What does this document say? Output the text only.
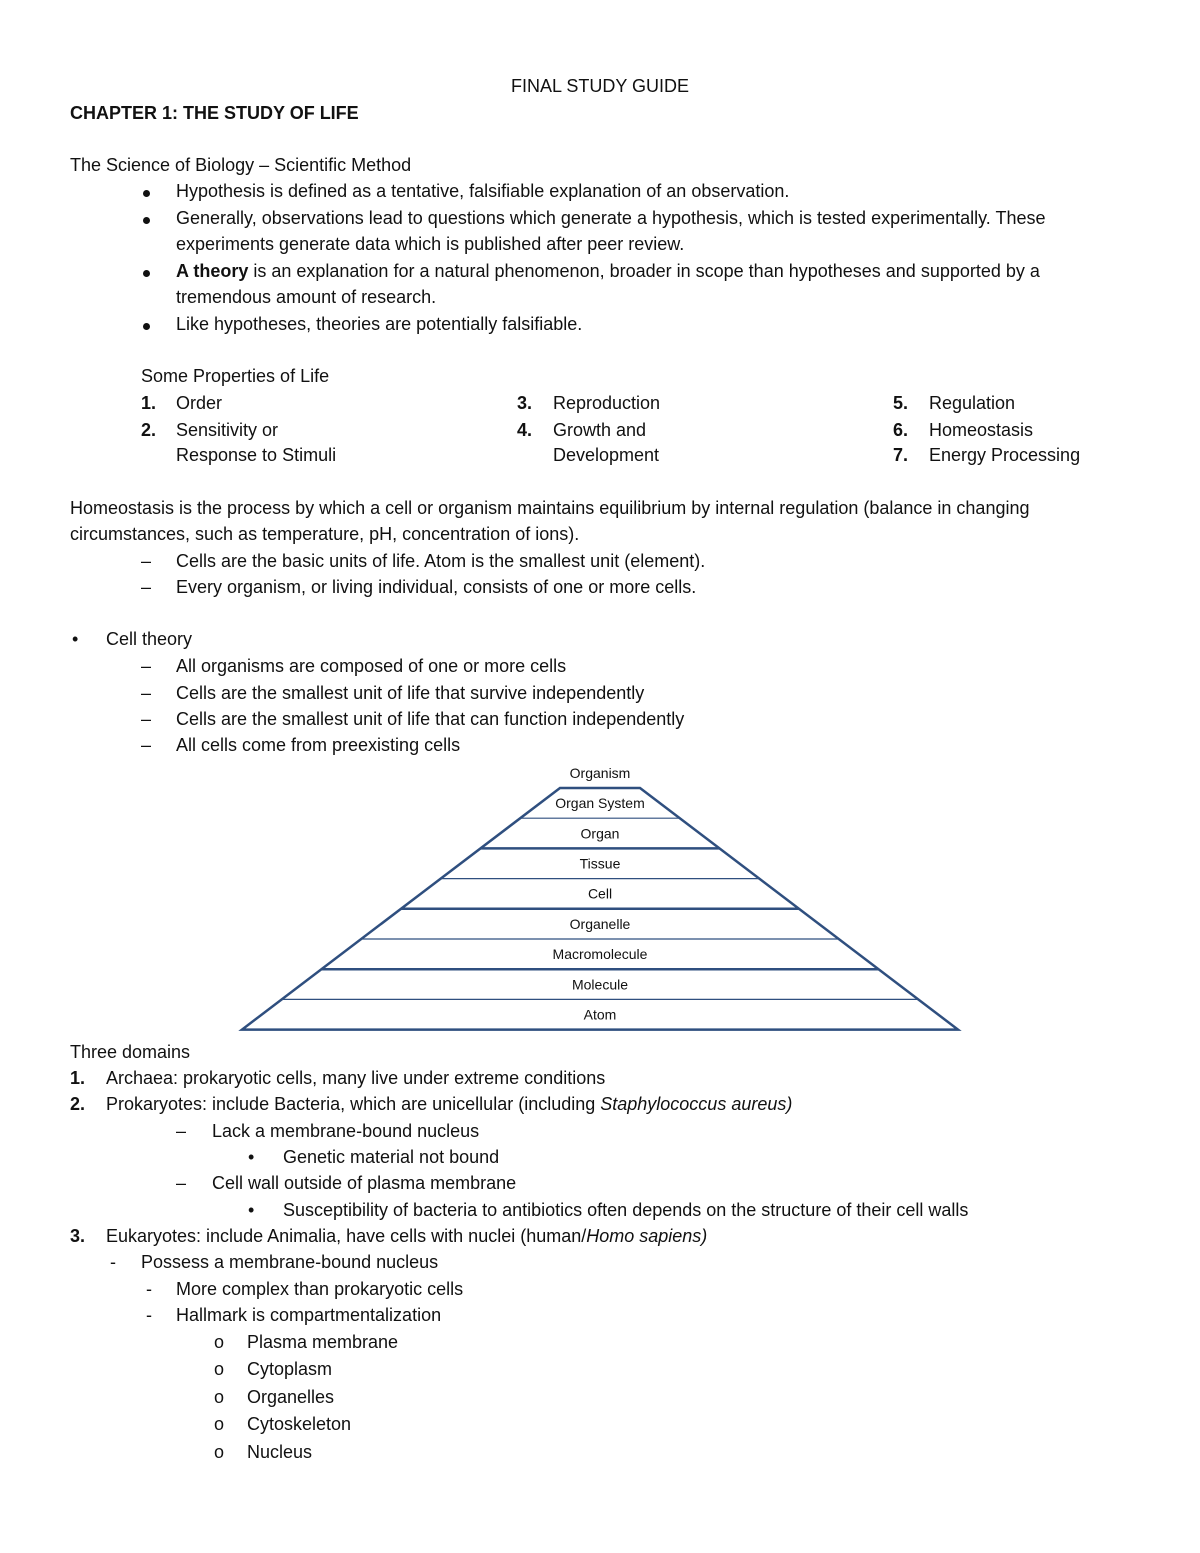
FINAL STUDY GUIDE
CHAPTER 1: THE STUDY OF LIFE
The Science of Biology – Scientific Method
Hypothesis is defined as a tentative, falsifiable explanation of an observation.
Generally, observations lead to questions which generate a hypothesis, which is tested experimentally. These
experiments generate data which is published after peer review.
A theory is an explanation for a natural phenomenon, broader in scope than hypotheses and supported by a
tremendous amount of research.
Like hypotheses, theories are potentially falsifiable.
Some Properties of Life
1. Order
2. Sensitivity or
Response to Stimuli
3. Reproduction
4. Growth and
Development
5. Regulation
6. Homeostasis
7. Energy Processing
Homeostasis is the process by which a cell or organism maintains equilibrium by internal regulation (balance in changing
circumstances, such as temperature, pH, concentration of ions).
– Cells are the basic units of life. Atom is the smallest unit (element).
– Every organism, or living individual, consists of one or more cells.
• Cell theory
– All organisms are composed of one or more cells
– Cells are the smallest unit of life that survive independently
– Cells are the smallest unit of life that can function independently
– All cells come from preexisting cells
Organism
Organ System
Organ
Tissue
Cell
Organelle
Macromolecule
Molecule
Atom
Three domains
1. Archaea: prokaryotic cells, many live under extreme conditions
2. Prokaryotes: include Bacteria, which are unicellular (including Staphylococcus aureus)
– Lack a membrane-bound nucleus
• Genetic material not bound
– Cell wall outside of plasma membrane
• Susceptibility of bacteria to antibiotics often depends on the structure of their cell walls
3. Eukaryotes: include Animalia, have cells with nuclei (human/Homo sapiens)
- Possess a membrane-bound nucleus
- More complex than prokaryotic cells
- Hallmark is compartmentalization
o Plasma membrane
o Cytoplasm
o Organelles
o Cytoskeleton
o Nucleus
